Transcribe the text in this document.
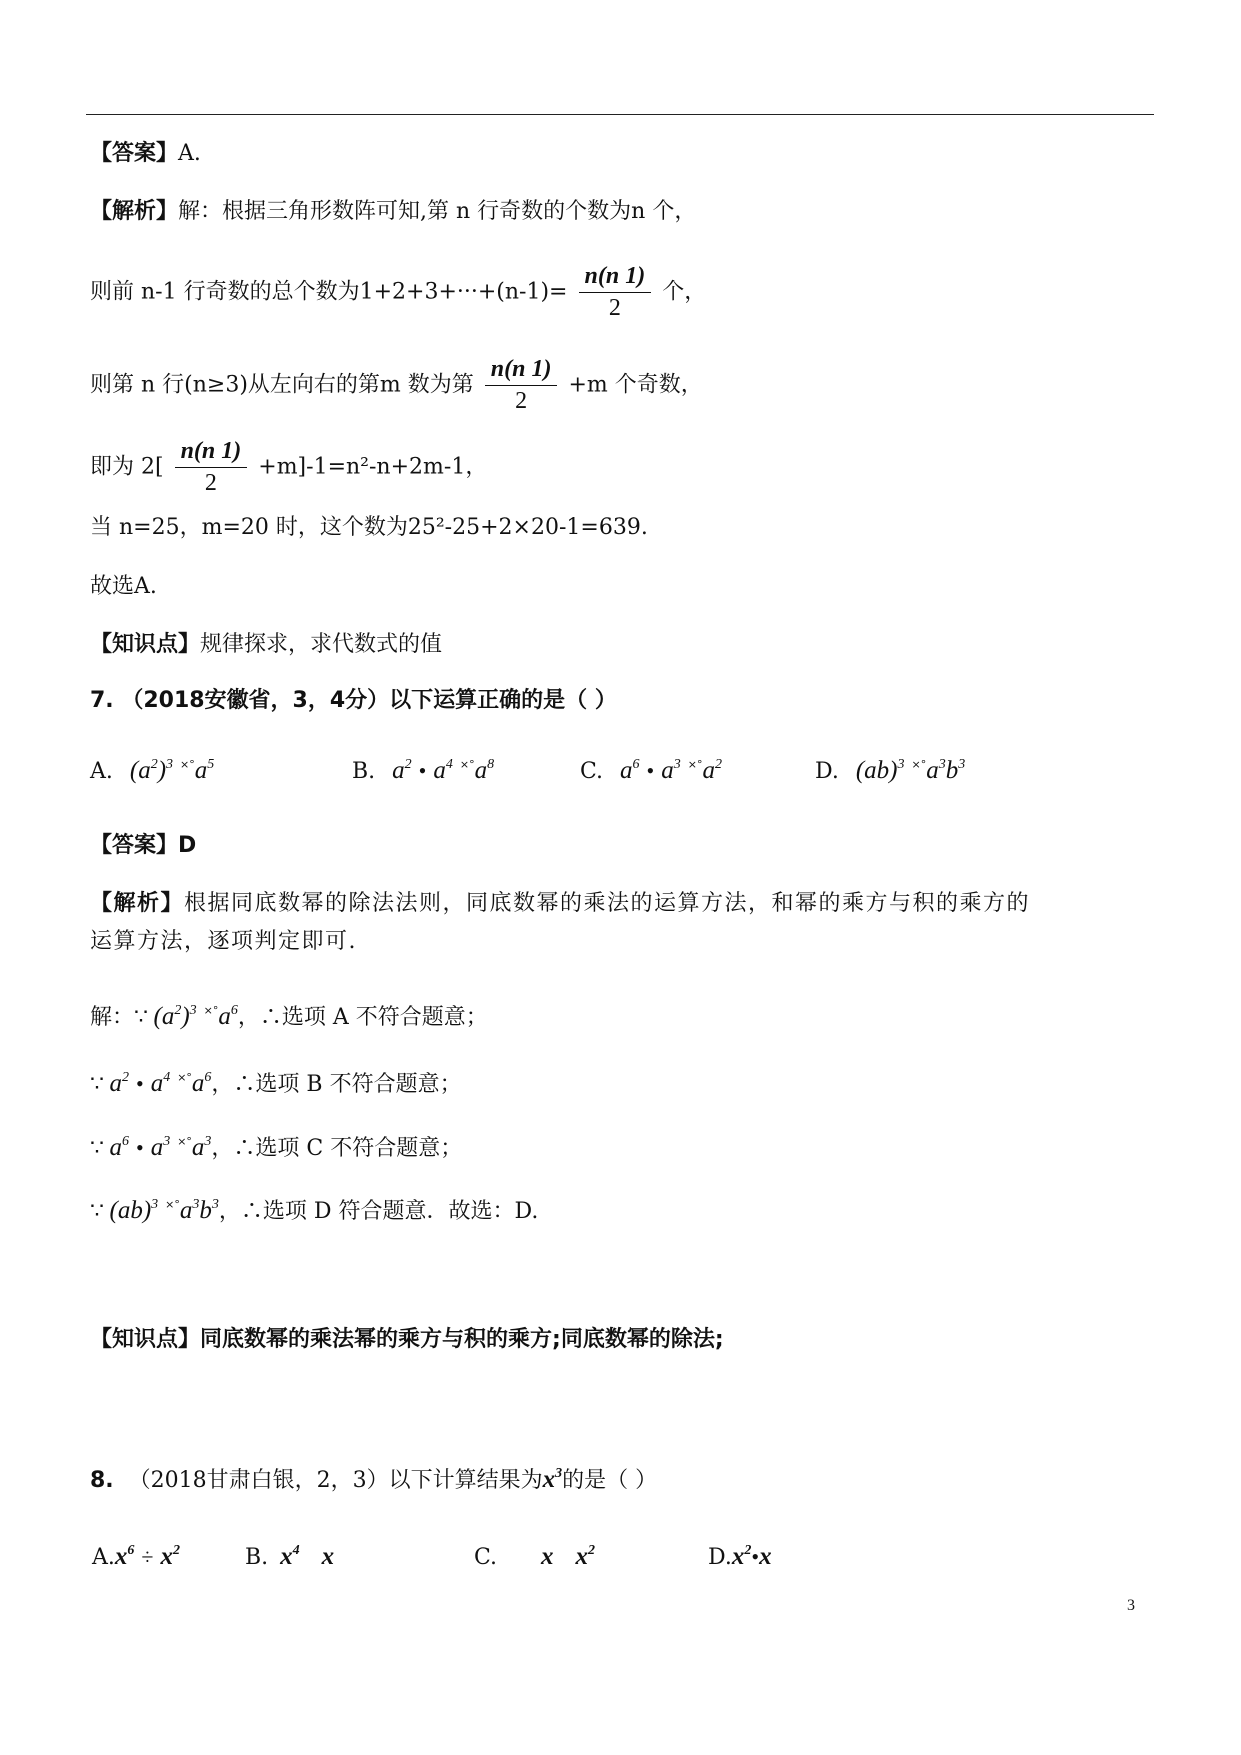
【答案】A.
【解析】解：根据三角形数阵可知,第 n 行奇数的个数为n 个，
则前 n-1 行奇数的总个数为$1+2+3+\cdot\cdot\cdot+(n-1)= \frac{n(n 1)}{2}$ 个，
则第 n 行(n≥3)从左向右的第m 数为第 $\frac{n(n 1)}{2} +m$ 个奇数，
即为 $2[ \frac{n(n 1)}{2} +m]-1=n^2-n+2m-1$，
当 n=25，m=20 时，这个数为25²-25+2×20-1=639.
故选A.
【知识点】规律探求，求代数式的值
7. （2018安徽省，3，4分）以下运算正确的是（ ）
A. $(a^2)^3$ $^{\times^\circ}a^5$	B. $a^2$ • $a^4$ $^{\times^\circ}a^8$	C. $a^6$ • $a^3$ $^{\times^\circ}a^2$	D. (ab)$^3$ $^{\times^\circ}a^3b^3$
【答案】D
【解析】根据同底数幂的除法法则，同底数幂的乘法的运算方法，和幂的乘方与积的乘方的
运算方法，逐项判定即可.
解：∵ $(a^2)^3$ $^{\times^\circ}a^6$，∴选项 A 不符合题意；
∵ $a^2$ • $a^4$ $^{\times^\circ}a^6$，∴选项 B 不符合题意；
∵ $a^6$ • $a^3$ $^{\times^\circ}a^3$，∴选项 C 不符合题意；
∵ (ab)$^3$ $^{\times^\circ}a^3b^3$，∴选项 D 符合题意．故选：D.
【知识点】同底数幂的乘法幂的乘方与积的乘方;同底数幂的除法;
8. （2018甘肃白银，2，3）以下计算结果为$x^3$的是（ ）
$A.x^6 \div x^2$	B. $x^4$ x	C. x $x^2$	$D.x^2•x$
3
